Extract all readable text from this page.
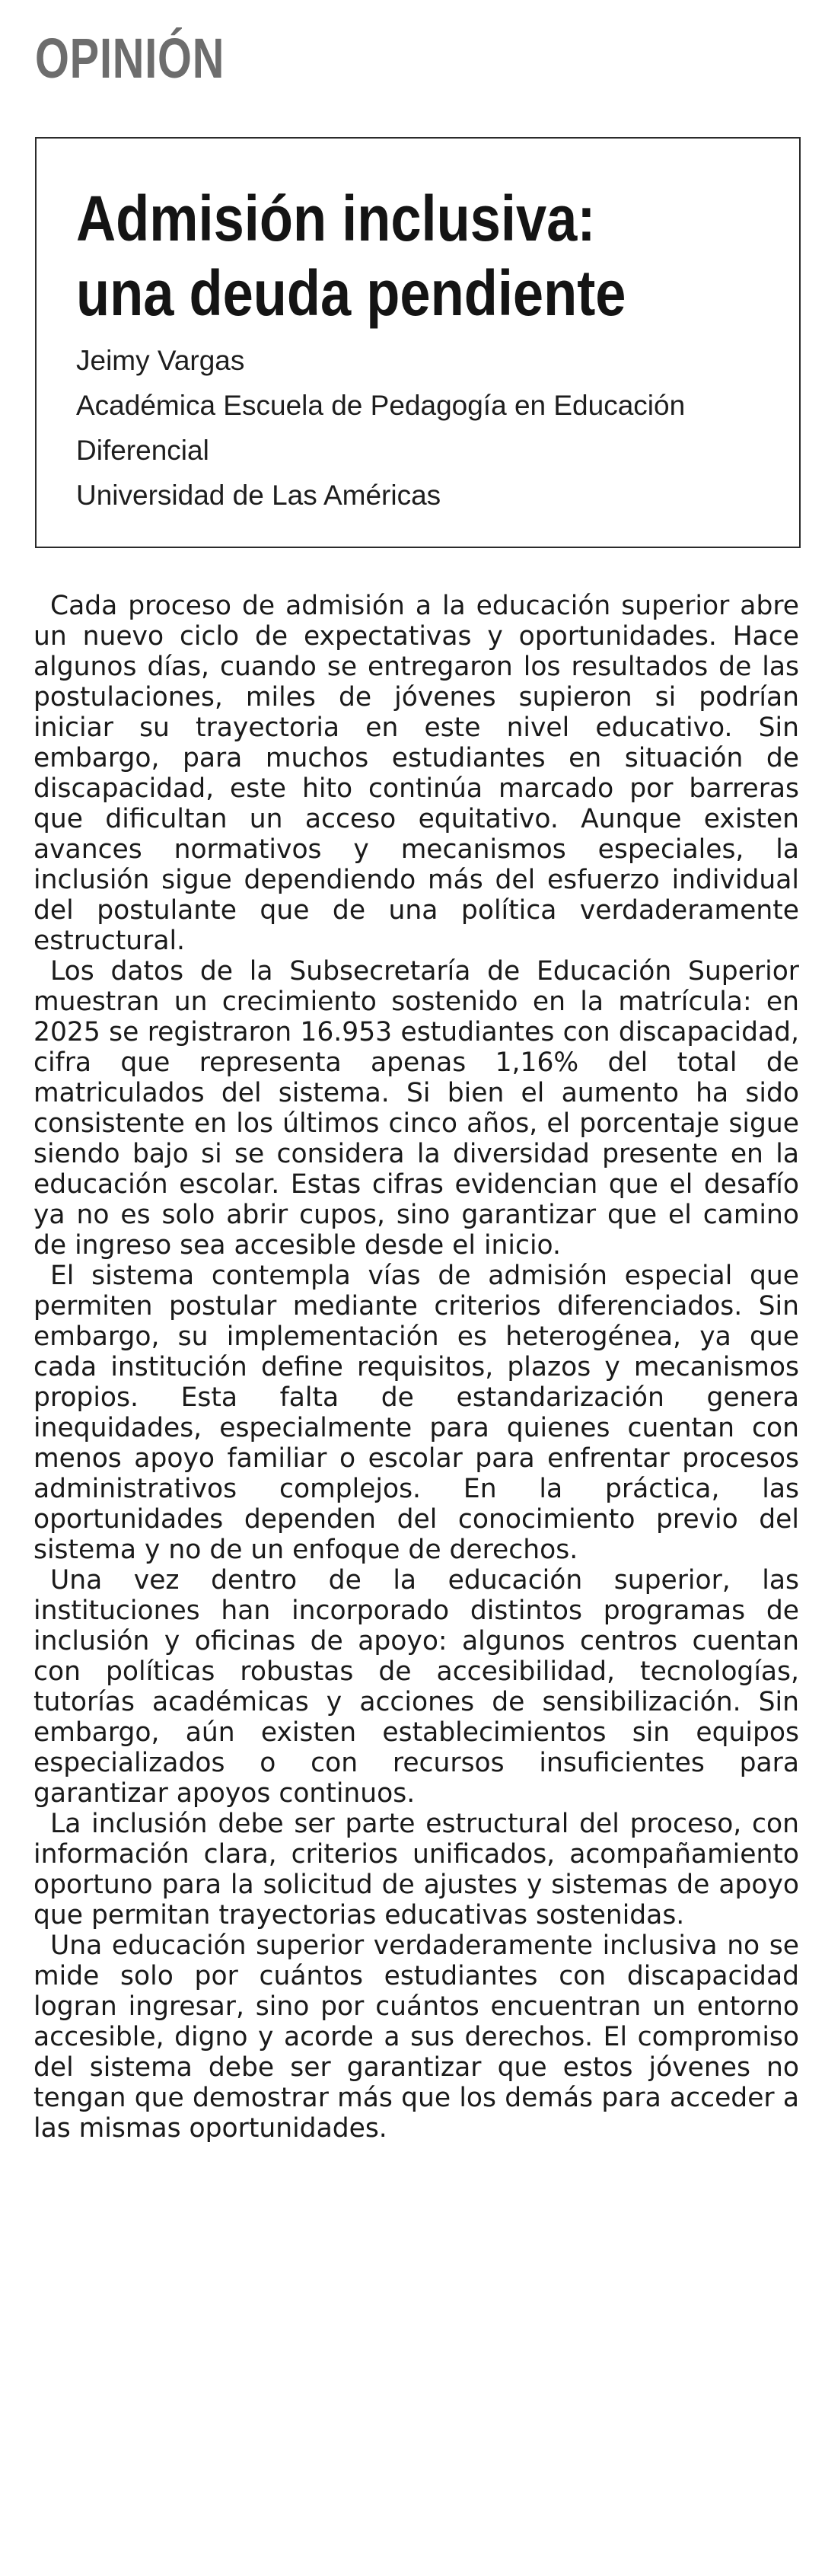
OPINIÓN
Admisión inclusiva:
una deuda pendiente
Jeimy Vargas
Académica Escuela de Pedagogía en Educación
Diferencial
Universidad de Las Américas

Cada proceso de admisión a la educación superior abre un nuevo ciclo de expectativas y oportunidades. Hace algunos días, cuando se entregaron los resultados de las postulaciones, miles de jóvenes supieron si podrían iniciar su trayectoria en este nivel educativo. Sin embargo, para muchos estudiantes en situación de discapacidad, este hito continúa marcado por barreras que dificultan un acceso equitativo. Aunque existen avances normativos y mecanismos especiales, la inclusión sigue dependiendo más del esfuerzo individual del postulante que de una política verdaderamente estructural.

Los datos de la Subsecretaría de Educación Superior muestran un crecimiento sostenido en la matrícula: en 2025 se registraron 16.953 estudiantes con discapacidad, cifra que representa apenas 1,16% del total de matriculados del sistema. Si bien el aumento ha sido consistente en los últimos cinco años, el porcentaje sigue siendo bajo si se considera la diversidad presente en la educación escolar. Estas cifras evidencian que el desafío ya no es solo abrir cupos, sino garantizar que el camino de ingreso sea accesible desde el inicio.

El sistema contempla vías de admisión especial que permiten postular mediante criterios diferenciados. Sin embargo, su implementación es heterogénea, ya que cada institución define requisitos, plazos y mecanismos propios. Esta falta de estandarización genera inequidades, especialmente para quienes cuentan con menos apoyo familiar o escolar para enfrentar procesos administrativos complejos. En la práctica, las oportunidades dependen del conocimiento previo del sistema y no de un enfoque de derechos.

Una vez dentro de la educación superior, las instituciones han incorporado distintos programas de inclusión y oficinas de apoyo: algunos centros cuentan con políticas robustas de accesibilidad, tecnologías, tutorías académicas y acciones de sensibilización. Sin embargo, aún existen establecimientos sin equipos especializados o con recursos insuficientes para garantizar apoyos continuos.

La inclusión debe ser parte estructural del proceso, con información clara, criterios unificados, acompañamiento oportuno para la solicitud de ajustes y sistemas de apoyo que permitan trayectorias educativas sostenidas.

Una educación superior verdaderamente inclusiva no se mide solo por cuántos estudiantes con discapacidad logran ingresar, sino por cuántos encuentran un entorno accesible, digno y acorde a sus derechos. El compromiso del sistema debe ser garantizar que estos jóvenes no tengan que demostrar más que los demás para acceder a las mismas oportunidades.
